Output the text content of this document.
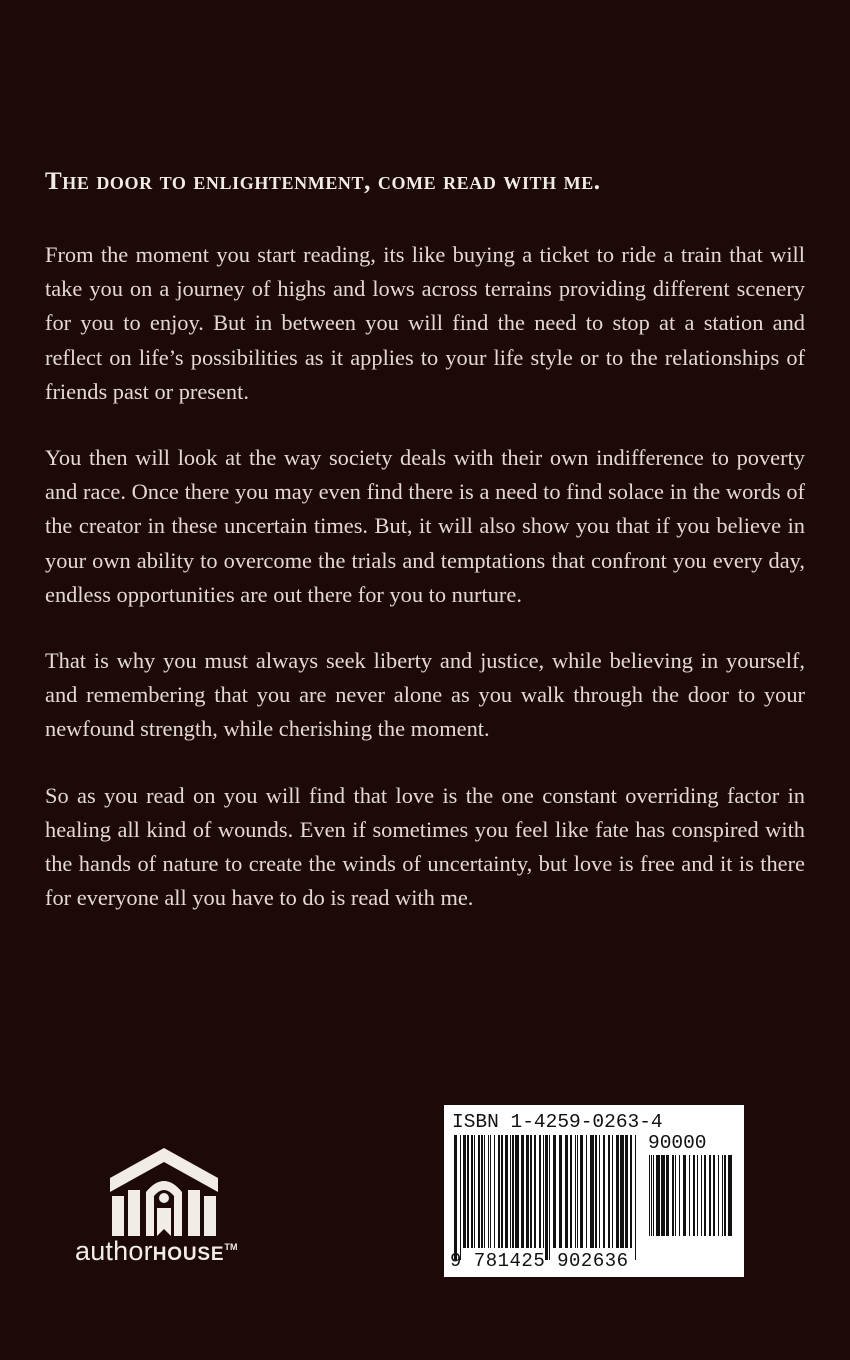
The door to enlightenment, come read with me.

From the moment you start reading, its like buying a ticket to ride a train that will take you on a journey of highs and lows across terrains providing different scenery for you to enjoy. But in between you will find the need to stop at a station and reflect on life’s possibilities as it applies to your life style or to the relationships of friends past or present.

You then will look at the way society deals with their own indifference to poverty and race. Once there you may even find there is a need to find solace in the words of the creator in these uncertain times. But, it will also show you that if you believe in your own ability to overcome the trials and temptations that confront you every day, endless opportunities are out there for you to nurture.

That is why you must always seek liberty and justice, while believing in yourself, and remembering that you are never alone as you walk through the door to your newfound strength, while cherishing the moment.

So as you read on you will find that love is the one constant overriding factor in healing all kind of wounds. Even if sometimes you feel like fate has conspired with the hands of nature to create the winds of uncertainty, but love is free and it is there for everyone all you have to do is read with me.

authorHOUSE™

ISBN 1-4259-0263-4

90000

9 781425 902636
